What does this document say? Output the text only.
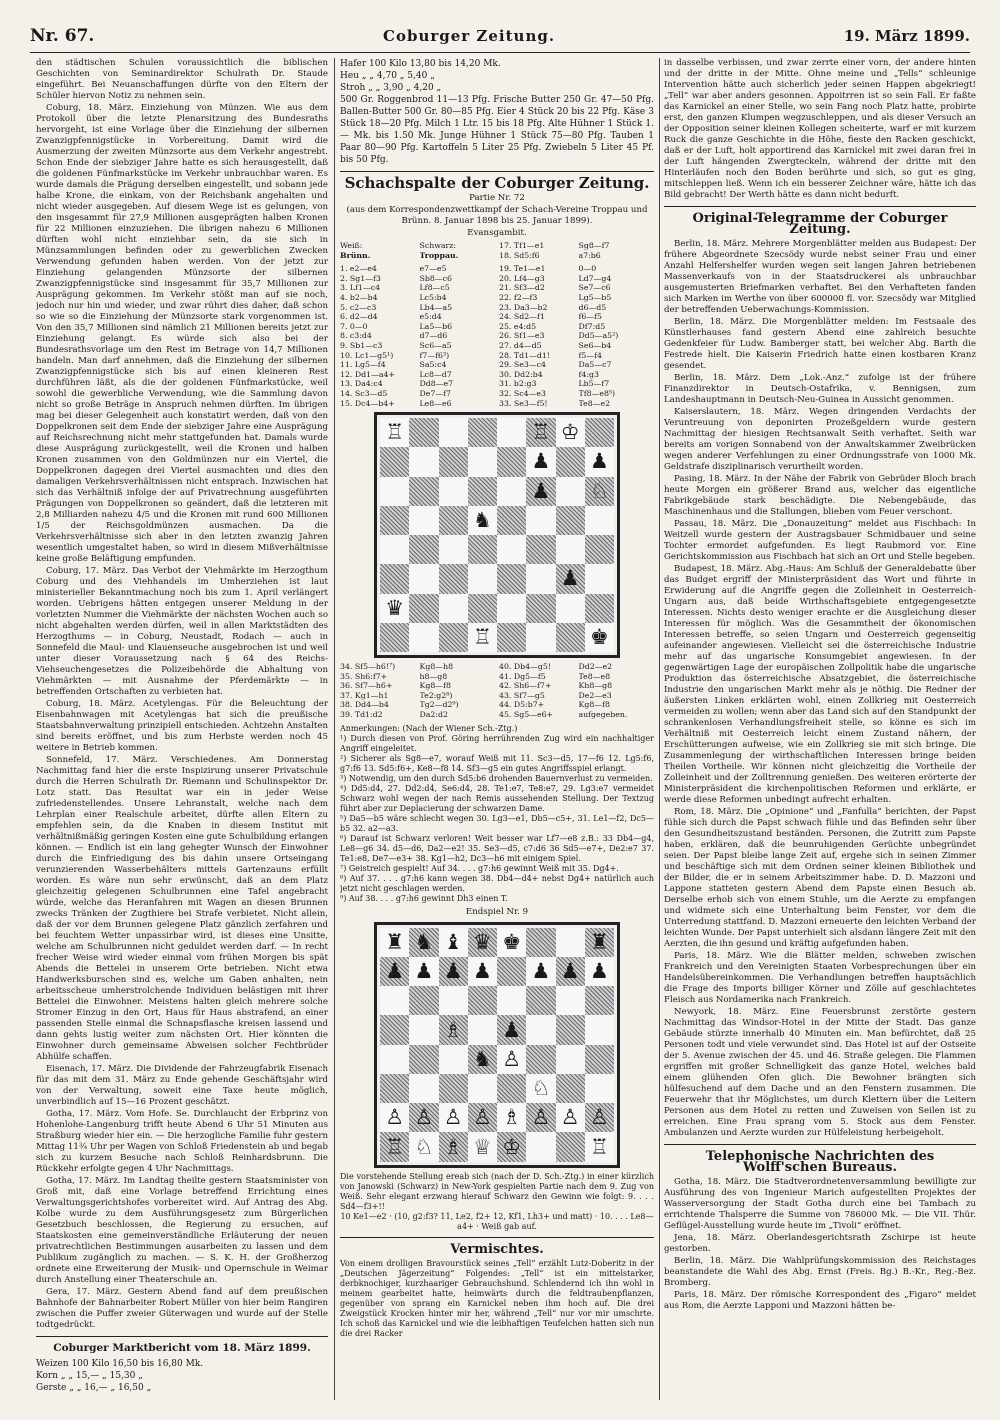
Nr. 67.	Coburger Zeitung.	19. März 1899.

den städtischen Schulen voraussichtlich die biblischen Geschichten von Seminardirektor Schulrath Dr. Staude eingeführt. Bei Neuanschaffungen dürfte von den Eltern der Schüler hiervon Notiz zu nehmen sein.

Coburg, 18. März. Einziehung von Münzen. Wie aus dem Protokoll über die letzte Plenarsitzung des Bundesraths hervorgeht, ist eine Vorlage über die Einziehung der silbernen Zwanzigpfennigstücke in Vorbereitung. Damit wird die Ausmerzung der zweiten Münzsorte aus dem Verkehr angestrebt. Schon Ende der siebziger Jahre hatte es sich herausgestellt, daß die goldenen Fünfmarkstücke im Verkehr unbrauchbar waren. Es wurde damals die Prägung derselben eingestellt, und sobann jede halbe Krone, die einkam, von der Reichsbank angehalten und nicht wieder ausgegeben. Auf diesem Wege ist es gelungen, von den insgesammt für 27,9 Millionen ausgeprägten halben Kronen für 22 Millionen einzuziehen. Die übrigen nahezu 6 Millionen dürften wohl nicht einziehbar sein, da sie sich in Münzsammlungen befinden oder zu gewerblichen Zwecken Verwendung gefunden haben werden. Von der jetzt zur Einziehung gelangenden Münzsorte der silbernen Zwanzigpfennigstücke sind insgesammt für 35,7 Millionen zur Ausprägung gekommen. Im Verkehr stößt man auf sie noch, jedoch nur hin und wieder, und zwar rührt dies daher, daß schon so wie so die Einziehung der Münzsorte stark vorgenommen ist. Von den 35,7 Millionen sind nämlich 21 Millionen bereits jetzt zur Einziehung gelangt. Es würde sich also bei der Bundesrathsvorlage um den Rest im Betrage von 14,7 Millionen handeln. Man darf annehmen, daß die Einziehung der silbernen Zwanzigpfennigstücke sich bis auf einen kleineren Rest durchführen läßt, als die der goldenen Fünfmarkstücke, weil sowohl die gewerbliche Verwendung, wie die Sammlung davon nicht so große Beträge in Anspruch nehmen dürften. Im übrigen mag bei dieser Gelegenheit auch konstatirt werden, daß von den Doppelkronen seit dem Ende der siebziger Jahre eine Ausprägung auf Reichsrechnung nicht mehr stattgefunden hat. Damals wurde diese Ausprägung zurückgestellt, weil die Kronen und halben Kronen zusammen von den Goldmünzen nur ein Viertel, die Doppelkronen dagegen drei Viertel ausmachten und dies den damaligen Verkehrsverhältnissen nicht entsprach. Inzwischen hat sich das Verhältniß infolge der auf Privatrechnung ausgeführten Prägungen von Doppelkronen so geändert, daß die letzteren mit 2,8 Milliarden nahezu 4/5 und die Kronen mit rund 600 Millionen 1/5 der Reichsgoldmünzen ausmachen. Da die Verkehrsverhältnisse sich aber in den letzten zwanzig Jahren wesentlich umgestaltet haben, so wird in diesem Mißverhältnisse keine große Beläftigung empfunden.

Coburg, 17. März. Das Verbot der Viehmärkte im Herzogthum Coburg und des Viehhandels im Umherziehen ist laut ministerieller Bekanntmachung noch bis zum 1. April verlängert worden. Uebrigens hätten entgegen unserer Meldung in der vorletzten Nummer die Viehmärkte der nächsten Wochen auch so nicht abgehalten werden dürfen, weil in allen Marktstädten des Herzogthums — in Coburg, Neustadt, Rodach — auch in Sonnefeld die Maul- und Klauenseuche ausgebrochen ist und weil unter dieser Voraussetzung nach § 64 des Reichs-Viehseuchengesetzes die Polizeibehörde die Abhaltung von Viehmärkten — mit Ausnahme der Pferdemärkte — in betreffenden Ortschaften zu verbieten hat.

Coburg, 18. März. Acetylengas. Für die Beleuchtung der Eisenbahnwagen mit Acetylengas hat sich die preußische Staatsbahnverwaltung prinzipiell entschieden. Achtzehn Anstalten sind bereits eröffnet, und bis zum Herbste werden noch 45 weitere in Betrieb kommen.

Sonnefeld, 17. März. Verschiedenes. Am Donnerstag Nachmittag fand hier die erste Inspizirung unserer Privatschule durch die Herren Schulrath Dr. Riemann und Schulinspektor Dr. Lotz statt. Das Resultat war ein in jeder Weise zufriedenstellendes. Unsere Lehranstalt, welche nach dem Lehrplan einer Realschule arbeitet, dürfte allen Eltern zu empfehlen sein, da die Knaben in diesem Institut mit verhältnißmäßig geringen Kosten eine gute Schulbildung erlangen können. — Endlich ist ein lang gehegter Wunsch der Einwohner durch die Einfriedigung des bis dahin unsere Ortseingang verunzierenden Wasserbehälters mittels Gartenzauns erfüllt worden. Es wäre nun sehr erwünscht, daß an dem Platz gleichzeitig gelegenen Schulbrunnen eine Tafel angebracht würde, welche das Heranfahren mit Wagen an diesen Brunnen zwecks Tränken der Zugthiere bei Strafe verbietet. Nicht allein, daß der vor dem Brunnen gelegene Platz gänzlich zerfahren und bei feuchtem Wetter unpassirbar wird, ist dieses eine Unsitte, welche am Schulbrunnen nicht geduldet werden darf. — In recht frecher Weise wird wieder einmal vom frühen Morgen bis spät Abends die Bettelei in unserem Orte betrieben. Nicht etwa Handwerksburschen sind es, welche um Gaben anhalten, nein arbeitsscheue umherstrolchende Individuen belästigen mit ihrer Bettelei die Einwohner. Meistens halten gleich mehrere solche Stromer Einzug in den Ort, Haus für Haus abstrafend, an einer passenden Stelle einmal die Schnapsflasche kreisen lassend und dann gehts lustig weiter zum nächsten Ort. Hier könnten die Einwohner durch gemeinsame Abweisen solcher Fechtbrüder Abhülfe schaffen.

Eisenach, 17. März. Die Dividende der Fahrzeugfabrik Eisenach für das mit dem 31. März zu Ende gehende Geschäftsjahr wird von der Verwaltung, soweit eine Taxe heute möglich, unverbindlich auf 15—16 Prozent geschätzt.

Gotha, 17. März. Vom Hofe. Se. Durchlaucht der Erbprinz von Hohenlohe-Langenburg trifft heute Abend 6 Uhr 51 Minuten aus Straßburg wieder hier ein. — Die herzogliche Familie fuhr gestern Mittag 11¾ Uhr per Wagen von Schloß Friedenstein ab und begab sich zu kurzem Besuche nach Schloß Reinhardsbrunn. Die Rückkehr erfolgte gegen 4 Uhr Nachmittags.

Gotha, 17. März. Im Landtag theilte gestern Staatsminister von Groß mit, daß eine Vorlage betreffend Errichtung eines Verwaltungsgerichtshofes vorbereitet wird. Auf Antrag des Abg. Kolbe wurde zu dem Ausführungsgesetz zum Bürgerlichen Gesetzbuch beschlossen, die Regierung zu ersuchen, auf Staatskosten eine gemeinverständliche Erläuterung der neuen privatrechtlichen Bestimmungen ausarbeiten zu lassen und dem Publikum zugänglich zu machen. — S. K. H. der Großherzog ordnete eine Erweiterung der Musik- und Opernschule in Weimar durch Anstellung einer Theaterschule an.

Gera, 17. März. Gestern Abend fand auf dem preußischen Bahnhofe der Bahnarbeiter Robert Müller von hier beim Rangiren zwischen die Puffer zweier Güterwagen und wurde auf der Stelle todtgedrückt.

Coburger Marktbericht vom 18. März 1899.
Weizen 100 Kilo 16,50 bis 16,80 Mk.
Korn „ „ 15,— „ 15,30 „
Gerste „ „ 16,— „ 16,50 „
Hafer 100 Kilo 13,80 bis 14,20 Mk.
Heu „ „ 4,70 „ 5,40 „
Stroh „ „ 3,90 „ 4,20 „
500 Gr. Roggenbrod 11—13 Pfg. Frische Butter 250 Gr. 47—50 Pfg. Ballen-Butter 500 Gr. 80—85 Pfg. Eier 4 Stück 20 bis 22 Pfg. Käse 3 Stück 18—20 Pfg. Milch 1 Ltr. 15 bis 18 Pfg. Alte Hühner 1 Stück 1.— Mk. bis 1.50 Mk. Junge Hühner 1 Stück 75—80 Pfg. Tauben 1 Paar 80—90 Pfg. Kartoffeln 5 Liter 25 Pfg. Zwiebeln 5 Liter 45 Pf. bis 50 Pfg.
Schachspalte der Coburger Zeitung.
Partie Nr. 72
(aus dem Korrespondenzwettkampf der Schach-Vereine Troppau und Brünn. 8. Januar 1898 bis 25. Januar 1899).
Evansgambit.
Weiß:	Schwarz:	17. Tf1—e1	Sg8—f7
Brünn.	Troppau.	18. Sd5:f6	a7:b6
1. e2—e4	e7—e5	19. Te1—e1	0—0
2. Sg1—f3	Sb8—c6	20. Lf4—g3	Ld7—g4
3. Lf1—c4	Lf8—c5	21. Sf3—d2	Se7—c6
4. b2—b4	Lc5:b4	22. f2—f3	Lg5—b5
5. c2—c3	Lb4—a5	23. Da3—b2	d6—d5
6. d2—d4	e5:d4	24. Sd2—f1	f6—f5
7. 0—0	La5—b6	25. e4:d5	Df7:d5
8. c3:d4	d7—d6	26. Sf1—e3	Dd5—a5²)
9. Sb1—c3	Sc6—a5	27. d4—d5	Se6—b4
10. Lc1—g5¹)	f7—f6³)	28. Td1—d1!	f5—f4
11. Lg5—f4	Sa5:c4	29. Se3—c4	Da5—c7
12. Dd1—a4+	Lc8—d7	30. Dd2:b4	f4:g3
13. Da4:c4	Dd8—e7	31. b2:g3	Lb5—f7
14. Sc3—d5	De7—f7	32. Sc4—e3	Tf8—e8⁵)
15. Dc4—b4+	Le8—e6	33. Se3—f5!	Te8—e2
♖	♖ ♔
♟ ♟
♟ ♘
♞
♟
♛
♖	♚
34. Sf5—h6!⁷)	Kg8—h8	40. Db4—g5!	Dd2—e2
35. Sh6:f7+	h8—g8	41. Dg5—f5	Te8—e8
36. Sf7—h6+	Kg8—f8	42. Sh6—f7+	Kh8—g8
37. Kg1—h1	Te2:g2⁸)	43. Sf7—g5	De2—e3
38. Dd4—b4	Tg2—d2⁹)	44. D5:b7+	Kg8—f8
39. Td1:d2	Da2:d2	45. Sg5—e6+	aufgegeben.
Anmerkungen: (Nach der Wiener Sch.-Ztg.)
¹) Durch diesen von Prof. Göring herrührenden Zug wird ein nachhaltiger Angriff eingeleitet.
²) Sicherer als Sg8—e7, worauf Weiß mit 11. Sc3—d5, 17—f6 12. Lg5:f6, g7:f6 13. Sd5:f6+, Ke8—f8 14. Sf3—g5 ein gutes Angriffsspiel erlangt.
³) Notwendig, um den durch Sd5:b6 drohenden Bauernverlust zu vermeiden.
⁴) Dd5:d4, 27. Dd2:d4, Se6:d4, 28. Te1:e7, Te8:e7, 29. Lg3:e7 vermeidet Schwarz wohl wegen der nach Remis aussehenden Stellung. Der Textzug führt aber zur Deplacierung der schwarzen Dame.
⁵) Da5—b5 wäre schlecht wegen 30. Lg3—e1, Db5—c5+, 31. Le1—f2, Dc5—b5 32. a2—a3.
⁶) Darauf ist Schwarz verloren! Weit besser war Lf7—e8 z.B.: 33 Db4—g4, Le8—g6 34. d5—d6, Da2—e2! 35. Se3—d5, c7:d6 36 Sd5—e7+, De2:e7 37. Te1:e8, De7—e3+ 38. Kg1—h2, Dc3—h6 mit einigem Spiel.
⁷) Geistreich gespielt! Auf 34. . . . g7:h6 gewinnt Weiß mit 35. Dg4+.
⁸) Auf 37. . . . g7:h6 kann wegen 38. Db4—d4+ nebst Dg4+ natürlich auch jetzt nicht geschlagen werden.
⁹) Auf 38. . . . g7:h6 gewinnt Dh3 einen T.
Endspiel Nr. 9
♜ ♞ ♝ ♛ ♚	♜
♟ ♟ ♟ ♟ ♟ ♟ ♟
♗ ♟
♞ ♙
♘
♙ ♙ ♙ ♙ ♗ ♙ ♙ ♙
♖ ♘ ♗ ♕ ♔	♖
Die vorstehende Stellung ereab sich (nach der D. Sch.-Ztg.) in einer kürzlich von Janowski (Schwarz) in New-York gespielten Partie nach dem 9. Zug von Weiß. Sehr elegant erzwang hierauf Schwarz den Gewinn wie folgt: 9. . . . Sd4—f3+!!
10 Ke1—e2 · (10, g2:f3? 11, Le2, f2+ 12, Kf1, Lh3+ und matt) · 10. . . . Le8—a4+ · Weiß gab auf.
Vermischtes.
Von einem drolligen Bravourstück seines „Tell“ erzählt Lutz-Doberitz in der „Deutschen Jägerzeitung“ Folgendes: „Tell“ ist ein mittelstarker, derbknochiger, kurzhaariger Gebrauchshund. Schlendernd ich ihn wohl in meinem gearbeitet hatte, heimwärts durch die feldtraubenpflanzen, gegenüber von sprang ein Karnickel neben ihm hoch auf. Die drei Zweigstück Krocken hinter mir her, während „Tell“ nur vor mir umschrte. Ich schoß das Karnickel und wie die leibhaftigen Teufelchen hatten sich nun die drei Racker

in dasselbe verbissen, und zwar zerrte einer vorn, der andere hinten und der dritte in der Mitte. Ohne meine und „Tells“ schleunige Intervention hätte auch sicherlich jeder seinen Happen abgekriegt! „Tell“ war aber anders gesonnen. Appoitrren ist so sein Fall. Er faßte das Karnickel an einer Stelle, wo sein Fang noch Platz hatte, probirte erst, den ganzen Klumpen wegzuschleppen, und als dieser Versuch an der Opposition seiner kleinen Kollegen scheiterte, warf er mit kurzem Ruck die ganze Geschichte in die Höhe, fieste den Racken geschickt, daß er der Luft, holt apportirend das Karnickel mit zwei daran frei in der Luft hängenden Zwergteckeln, während der dritte mit den Hinterläufen noch den Boden berührte und sich, so gut es ging, mitschleppen ließ. Wenn ich ein besserer Zeichner wäre, hätte ich das Bild gebracht! Der Werth hätte es dann nicht bedurft.

Original-Telegramme der Coburger Zeitung.

Berlin, 18. März. Mehrere Morgenblätter melden aus Budapest: Der frühere Abgeordnete Szecsödy wurde nebst seiner Frau und einer Anzahl Helfershelfer wurden wegen seit langen Jahren betriebenen Massenverkaufs von in der Staatsdruckerei als unbrauchbar ausgemusterten Briefmarken verhaftet. Bei den Verhafteten fanden sich Marken im Werthe von über 600000 fl. vor. Szecsödy war Mitglied der betreffenden Ueberwachungs-Kommission.

Berlin, 18. März. Die Morgenblätter melden: Im Festsaale des Künstlerhauses fand gestern Abend eine zahlreich besuchte Gedenkfeier für Ludw. Bamberger statt, bei welcher Abg. Barth die Festrede hielt. Die Kaiserin Friedrich hatte einen kostbaren Kranz gesendet.

Berlin, 18. März. Dem „Lok.-Anz.“ zufolge ist der frühere Finanzdirektor in Deutsch-Ostafrika, v. Bennigsen, zum Landeshauptmann in Deutsch-Neu-Guinea in Aussicht genommen.

Kaiserslautern, 18. März. Wegen dringenden Verdachts der Veruntreuung von deponirten Prozeßgeldern wurde gestern Nachmittag der hiesigen Rechtsanwalt Seith verhaftet. Seith war bereits am vorigen Sonnabend von der Anwaltskammer Zweibrücken wegen anderer Verfehlungen zu einer Ordnungsstrafe von 1000 Mk. Geldstrafe disziplinarisch verurtheilt worden.

Pasing, 18. März. In der Nähe der Fabrik von Gebrüder Bloch brach heute Morgen ein größerer Brand aus, welcher das eigentliche Fabrikgebäude stark beschädigte. Die Nebengebäude, das Maschinenhaus und die Stallungen, blieben vom Feuer verschont.

Passau, 18. März. Die „Donauzeitung“ meldet aus Fischbach: In Weitzell wurde gestern der Austragsbauer Schmidbauer und seine Tochter ermordet aufgefunden. Es liegt Raubmord vor. Eine Gerichtskommission aus Fischbach hat sich an Ort und Stelle begeben.

Budapest, 18. März. Abg.-Haus: Am Schluß der Generaldebatte über das Budget ergriff der Ministerpräsident das Wort und führte in Erwiderung auf die Angriffe gegen die Zolleinheit in Oesterreich-Ungarn aus, daß beide Wirthschaftsgebiete entgegengesetzte Interessen. Nichts desto weniger erachte er die Ausgleichung dieser Interessen für möglich. Was die Gesammtheit der ökonomischen Interessen betreffe, so seien Ungarn und Oesterreich gegenseitig aufeinander angewiesen. Vielleicht sei die österreichische Industrie mehr auf das ungarische Konsumgebiet angewiesen. In der gegenwärtigen Lage der europäischen Zollpolitik habe die ungarische Produktion das österreichische Absatzgebiet, die österreichische Industrie den ungarischen Markt mehr als je nöthig. Die Redner der äußersten Linken erklärten wohl, einen Zollkrieg mit Oesterreich vermeiden zu wollen; wenn aber das Land sich auf den Standpunkt der schrankenlosen Verhandlungsfreiheit stelle, so könne es sich im Verhältniß mit Oesterreich leicht einem Zustand nähern, der Erschütterungen aufweise, wie ein Zollkrieg sie mit sich bringe. Die Zusammenlegung der wirthschaftlichen Interessen bringe beiden Theilen Vortheile. Wir können nicht gleichzeitig die Vortheile der Zolleinheit und der Zolltrennung genießen. Des weiteren erörterte der Ministerpräsident die kirchenpolitischen Reformen und erklärte, er werde diese Reformen unbedingt aufrecht erhalten.

Rom, 18. März. Die „Opinione“ und „Fanfulla“ berichten, der Papst fühle sich durch die Papst schwach fühle und das Befinden sehr über den Gesundheitszustand beständen. Personen, die Zutritt zum Papste haben, erklären, daß die beunruhigenden Gerüchte unbegründet seien. Der Papst bleibe lange Zeit auf, ergehe sich in seinen Zimmer und beschäftige sich mit dem Ordnen seiner kleinen Bibliothek und der Bilder, die er in seinem Arbeitszimmer habe. D. D. Mazzoni und Lappone statteten gestern Abend dem Papste einen Besuch ab. Derselbe erhob sich von einem Stuhle, um die Aerzte zu empfangen und widmete sich eine Unterhaltung beim Fenster, vor dem die Unterredung stattfand. D. Mazzoni erneuerte den leichten Verband der leichten Wunde. Der Papst unterhielt sich alsdann längere Zeit mit den Aerzten, die ihn gesund und kräftig aufgefunden haben.

Paris, 18. März. Wie die Blätter melden, schweben zwischen Frankreich und den Vereinigten Staaten Vorbesprechungen über ein Handelsübereinkommen. Die Verhandlungen betreffen hauptsächlich die Frage des Imports billiger Körner und Zölle auf geschlachtetes Fleisch aus Nordamerika nach Frankreich.

Newyork, 18. März. Eine Feuersbrunst zerstörte gestern Nachmittag das Windsor-Hotel in der Mitte der Stadt. Das ganze Gebäude stürzte innerhalb 40 Minuten ein. Man befürchtet, daß 25 Personen todt und viele verwundet sind. Das Hotel ist auf der Ostseite der 5. Avenue zwischen der 45. und 46. Straße gelegen. Die Flammen ergriffen mit großer Schnelligkeit das ganze Hotel, welches bald einem glühenden Ofen glich. Die Bewohner brängten sich hülfesuchend auf dem Dache und an den Fenstern zusammen. Die Feuerwehr that ihr Möglichstes, um durch Klettern über die Leitern Personen aus dem Hotel zu retten und Zuweisen von Seilen ist zu erreichen. Eine Frau sprang vom 5. Stock aus dem Fenster. Ambulanzen und Aerzte wurden zur Hülfeleistung herbeigeholt.

Telephonische Nachrichten des Wolff'schen Bureaus.

Gotha, 18. März. Die Stadtverordnetenversammlung bewilligte zur Ausführung des von Ingenieur Marich aufgestellten Projektes der Wasserversorgung der Stadt Gotha durch eine bei Tambach zu errichtende Thalsperre die Summe von 786000 Mk. — Die VII. Thür. Geflügel-Ausstellung wurde heute im „Tivoli“ eröffnet.

Jena, 18. März. Oberlandesgerichtsrath Zschirpe ist heute gestorben.

Berlin, 18. März. Die Wahlprüfungskommission des Reichstages beanstandete die Wahl des Abg. Ernst (Freis. Bg.) B.-Kr., Reg.-Bez. Bromberg.

Paris, 18. März. Der römische Korrespondent des „Figaro“ meldet aus Rom, die Aerzte Lapponi und Mazzoni hätten be-
